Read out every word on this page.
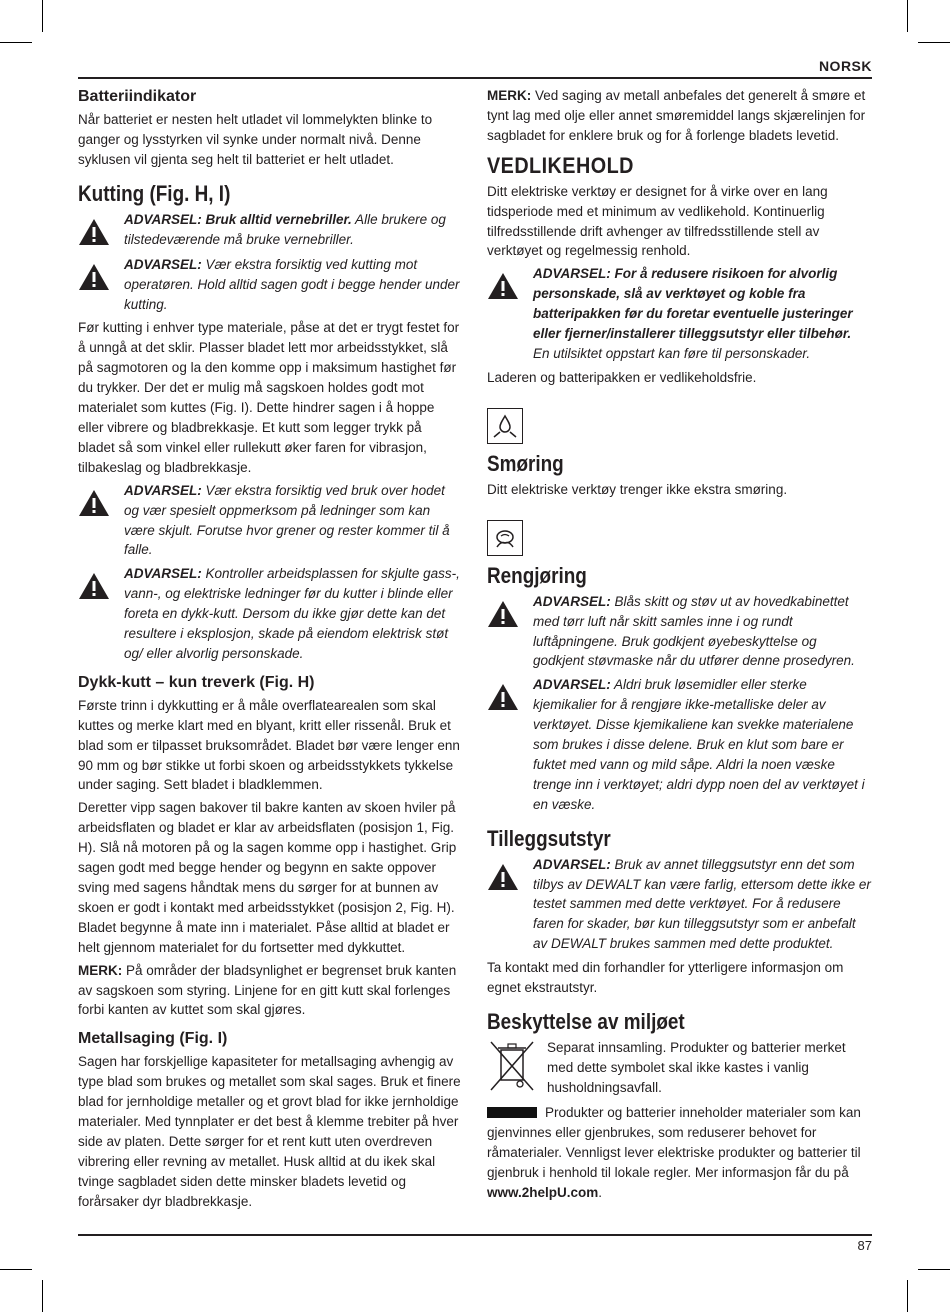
NORSK
87
Batteriindikator

Når batteriet er nesten helt utladet vil lommelykten blinke to ganger og lysstyrken vil synke under normalt nivå. Denne syklusen vil gjenta seg helt til batteriet er helt utladet.

Kutting (Fig. H, I)
ADVARSEL: Bruk alltid vernebriller. Alle brukere og tilstedeværende må bruke vernebriller.
ADVARSEL: Vær ekstra forsiktig ved kutting mot operatøren. Hold alltid sagen godt i begge hender under kutting.

Før kutting i enhver type materiale, påse at det er trygt festet for å unngå at det sklir. Plasser bladet lett mor arbeidsstykket, slå på sagmotoren og la den komme opp i maksimum hastighet før du trykker. Der det er mulig må sagskoen holdes godt mot materialet som kuttes (Fig. I). Dette hindrer sagen i å hoppe eller vibrere og bladbrekkasje. Et kutt som legger trykk på bladet så som vinkel eller rullekutt øker faren for vibrasjon, tilbakeslag og bladbrekkasje.

ADVARSEL: Vær ekstra forsiktig ved bruk over hodet og vær spesielt oppmerksom på ledninger som kan være skjult. Forutse hvor grener og rester kommer til å falle.
ADVARSEL: Kontroller arbeidsplassen for skjulte gass-, vann-, og elektriske ledninger før du kutter i blinde eller foreta en dykk-kutt. Dersom du ikke gjør dette kan det resultere i eksplosjon, skade på eiendom elektrisk støt og/ eller alvorlig personskade.
Dykk-kutt – kun treverk (Fig. H)

Første trinn i dykkutting er å måle overflatearealen som skal kuttes og merke klart med en blyant, kritt eller rissenål. Bruk et blad som er tilpasset bruksområdet. Bladet bør være lenger enn 90 mm og bør stikke ut forbi skoen og arbeidsstykkets tykkelse under saging. Sett bladet i bladklemmen.

Deretter vipp sagen bakover til bakre kanten av skoen hviler på arbeidsflaten og bladet er klar av arbeidsflaten (posisjon 1, Fig. H). Slå nå motoren på og la sagen komme opp i hastighet. Grip sagen godt med begge hender og begynn en sakte oppover sving med sagens håndtak mens du sørger for at bunnen av skoen er godt i kontakt med arbeidsstykket (posisjon 2, Fig. H). Bladet begynne å mate inn i materialet. Påse alltid at bladet er helt gjennom materialet for du fortsetter med dykkuttet.

MERK: På områder der bladsynlighet er begrenset bruk kanten av sagskoen som styring. Linjene for en gitt kutt skal forlenges forbi kanten av kuttet som skal gjøres.

Metallsaging (Fig. I)

Sagen har forskjellige kapasiteter for metallsaging avhengig av type blad som brukes og metallet som skal sages. Bruk et finere blad for jernholdige metaller og et grovt blad for ikke jernholdige materialer. Med tynnplater er det best å klemme trebiter på hver side av platen. Dette sørger for et rent kutt uten overdreven vibrering eller revning av metallet. Husk alltid at du ikek skal tvinge sagbladet siden dette minsker bladets levetid og forårsaker dyr bladbrekkasje.

MERK: Ved saging av metall anbefales det generelt å smøre et tynt lag med olje eller annet smøremiddel langs skjærelinjen for sagbladet for enklere bruk og for å forlenge bladets levetid.

VEDLIKEHOLD

Ditt elektriske verktøy er designet for å virke over en lang tidsperiode med et minimum av vedlikehold. Kontinuerlig tilfredsstillende drift avhenger av tilfredsstillende stell av verktøyet og regelmessig renhold.

ADVARSEL: For å redusere risikoen for alvorlig personskade, slå av verktøyet og koble fra batteripakken før du foretar eventuelle justeringer eller fjerner/installerer tilleggsutstyr eller tilbehør. En utilsiktet oppstart kan føre til personskader.

Laderen og batteripakken er vedlikeholdsfrie.

Smøring

Ditt elektriske verktøy trenger ikke ekstra smøring.

Rengjøring
ADVARSEL: Blås skitt og støv ut av hovedkabinettet med tørr luft når skitt samles inne i og rundt luftåpningene. Bruk godkjent øyebeskyttelse og godkjent støvmaske når du utfører denne prosedyren.
ADVARSEL: Aldri bruk løsemidler eller sterke kjemikalier for å rengjøre ikke-metalliske deler av verktøyet. Disse kjemikaliene kan svekke materialene som brukes i disse delene. Bruk en klut som bare er fuktet med vann og mild såpe. Aldri la noen væske trenge inn i verktøyet; aldri dypp noen del av verktøyet i en væske.
Tilleggsutstyr
ADVARSEL: Bruk av annet tilleggsutstyr enn det som tilbys av DEWALT kan være farlig, ettersom dette ikke er testet sammen med dette verktøyet. For å redusere faren for skader, bør kun tilleggsutstyr som er anbefalt av DEWALT brukes sammen med dette produktet.

Ta kontakt med din forhandler for ytterligere informasjon om egnet ekstrautstyr.

Beskyttelse av miljøet

Separat innsamling. Produkter og batterier merket med dette symbolet skal ikke kastes i vanlig husholdningsavfall.

Produkter og batterier inneholder materialer som kan gjenvinnes eller gjenbrukes, som reduserer behovet for råmaterialer. Vennligst lever elektriske produkter og batterier til gjenbruk i henhold til lokale regler. Mer informasjon får du på www.2helpU.com.
